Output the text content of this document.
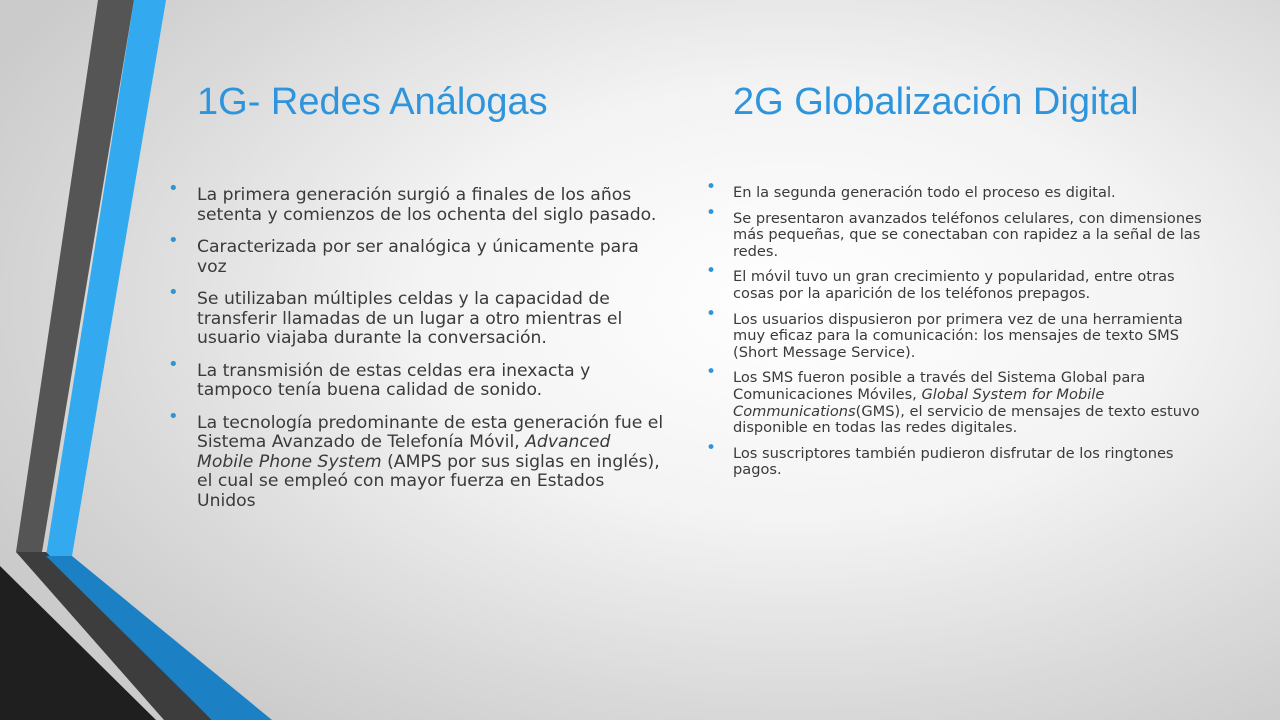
1G- Redes Análogas	2G Globalización Digital
• La primera generación surgió a finales de los años setenta y comienzos de los ochenta del siglo pasado.
• Caracterizada por ser analógica y únicamente para voz
• Se utilizaban múltiples celdas y la capacidad de transferir llamadas de un lugar a otro mientras el usuario viajaba durante la conversación.
• La transmisión de estas celdas era inexacta y tampoco tenía buena calidad de sonido.
• La tecnología predominante de esta generación fue el Sistema Avanzado de Telefonía Móvil, Advanced Mobile Phone System (AMPS por sus siglas en inglés), el cual se empleó con mayor fuerza en Estados Unidos
• En la segunda generación todo el proceso es digital.
• Se presentaron avanzados teléfonos celulares, con dimensiones más pequeñas, que se conectaban con rapidez a la señal de las redes.
• El móvil tuvo un gran crecimiento y popularidad, entre otras cosas por la aparición de los teléfonos prepagos.
• Los usuarios dispusieron por primera vez de una herramienta muy eficaz para la comunicación: los mensajes de texto SMS (Short Message Service).
• Los SMS fueron posible a través del Sistema Global para Comunicaciones Móviles, Global System for Mobile Communications(GMS), el servicio de mensajes de texto estuvo disponible en todas las redes digitales.
• Los suscriptores también pudieron disfrutar de los ringtones pagos.
